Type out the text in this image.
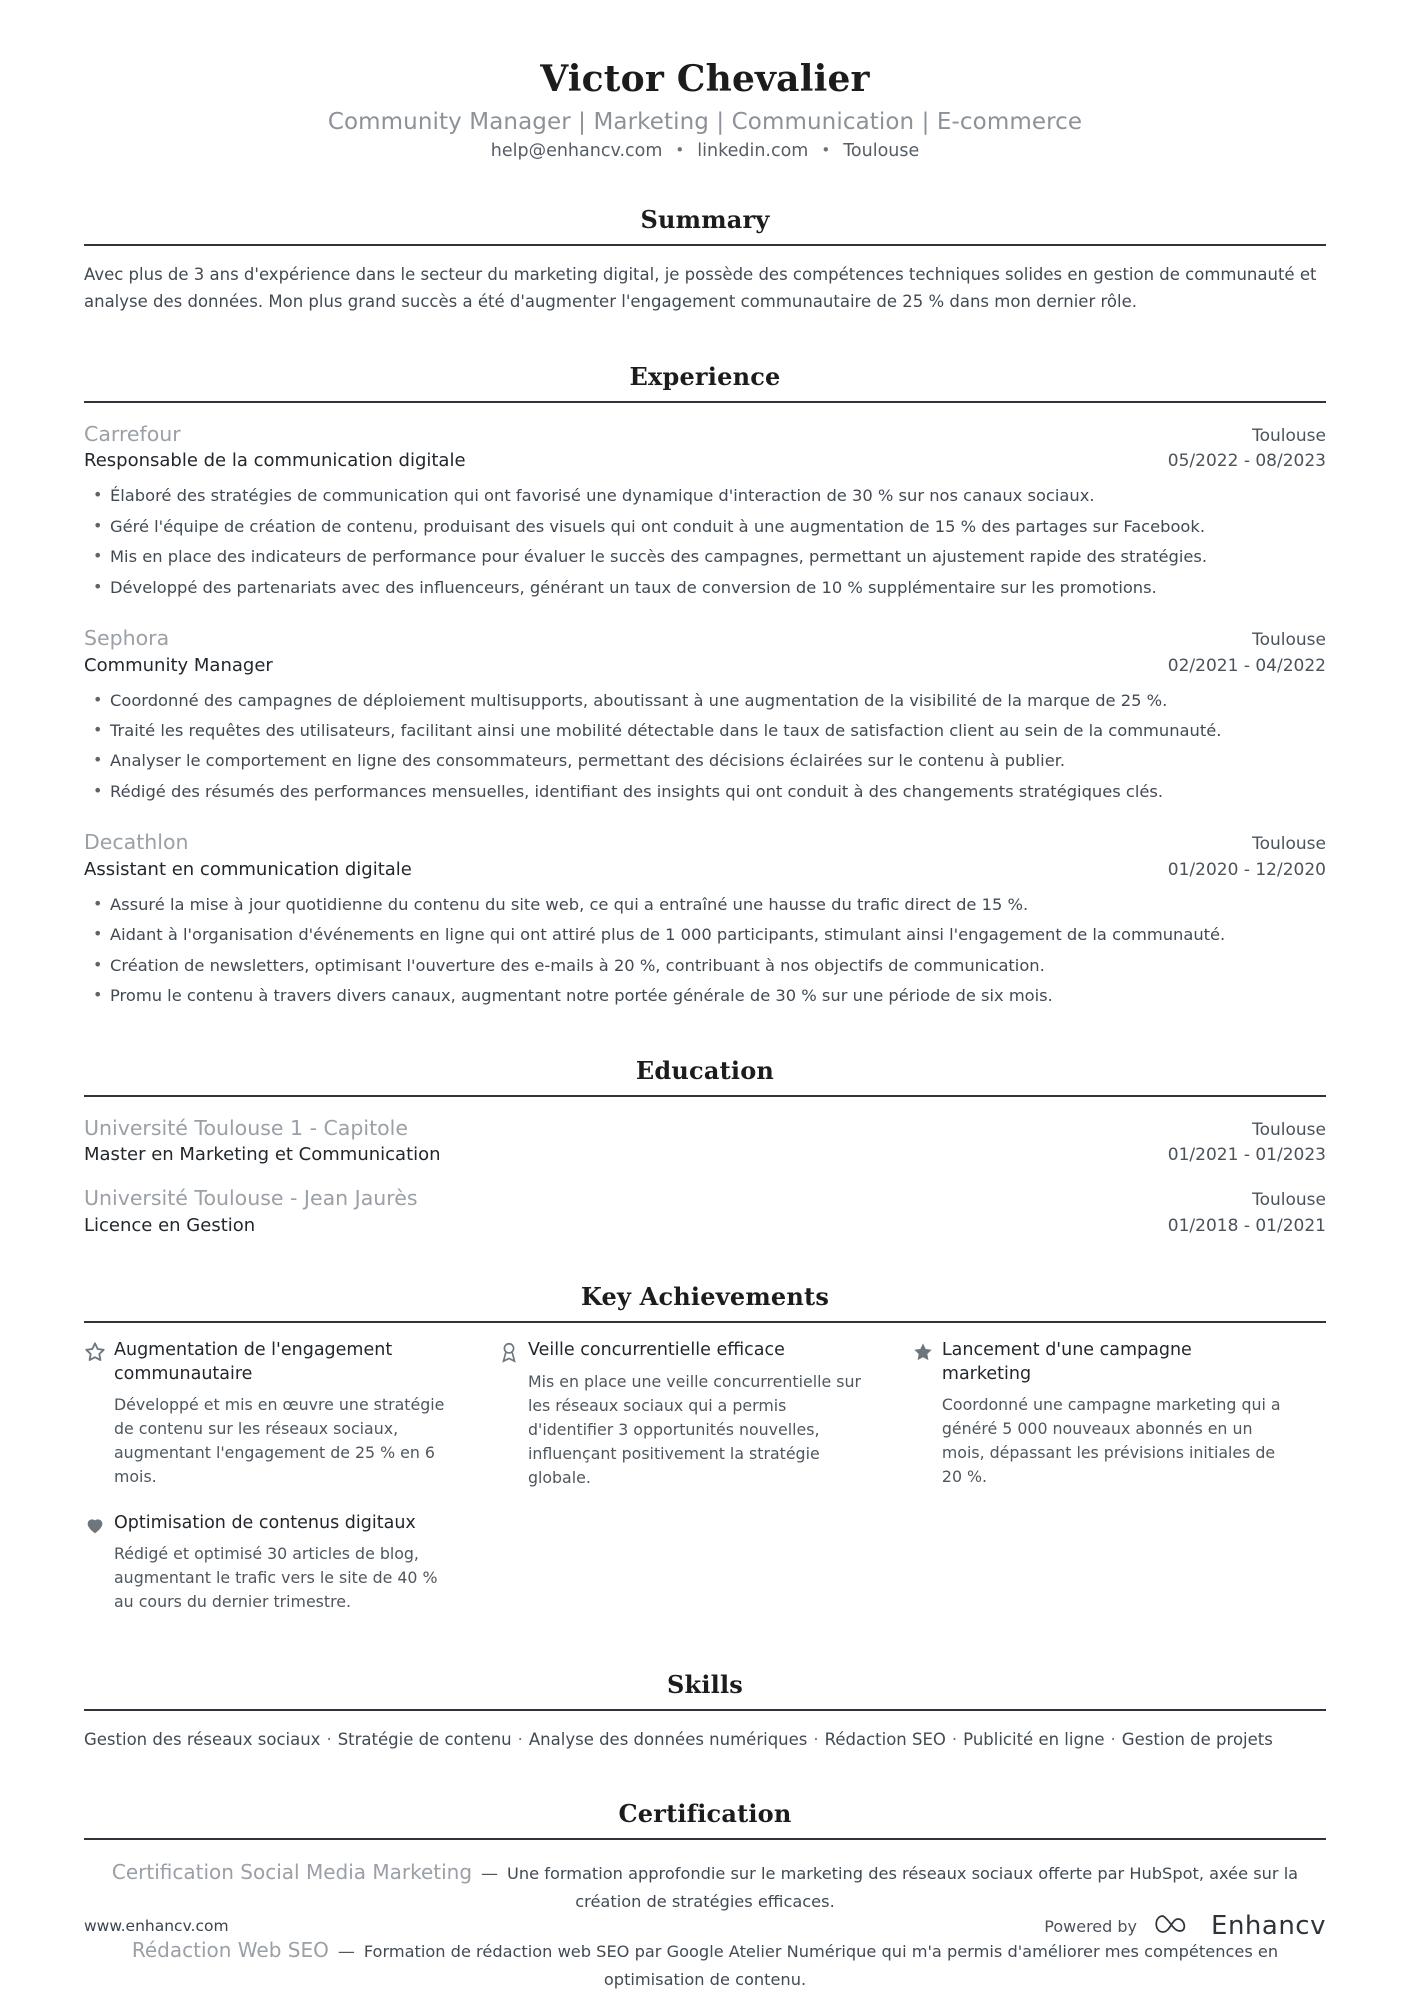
Victor Chevalier
Community Manager | Marketing | Communication | E-commerce
help@enhancv.com • linkedin.com • Toulouse
Summary

Avec plus de 3 ans d'expérience dans le secteur du marketing digital, je possède des compétences techniques solides en gestion de communauté et analyse des données. Mon plus grand succès a été d'augmenter l'engagement communautaire de 25 % dans mon dernier rôle.

Experience
Carrefour	Toulouse
Responsable de la communication digitale	05/2022 - 08/2023
• Élaboré des stratégies de communication qui ont favorisé une dynamique d'interaction de 30 % sur nos canaux sociaux.
• Géré l'équipe de création de contenu, produisant des visuels qui ont conduit à une augmentation de 15 % des partages sur Facebook.
• Mis en place des indicateurs de performance pour évaluer le succès des campagnes, permettant un ajustement rapide des stratégies.
• Développé des partenariats avec des influenceurs, générant un taux de conversion de 10 % supplémentaire sur les promotions.
Sephora	Toulouse
Community Manager	02/2021 - 04/2022
• Coordonné des campagnes de déploiement multisupports, aboutissant à une augmentation de la visibilité de la marque de 25 %.
• Traité les requêtes des utilisateurs, facilitant ainsi une mobilité détectable dans le taux de satisfaction client au sein de la communauté.
• Analyser le comportement en ligne des consommateurs, permettant des décisions éclairées sur le contenu à publier.
• Rédigé des résumés des performances mensuelles, identifiant des insights qui ont conduit à des changements stratégiques clés.
Decathlon	Toulouse
Assistant en communication digitale	01/2020 - 12/2020
• Assuré la mise à jour quotidienne du contenu du site web, ce qui a entraîné une hausse du trafic direct de 15 %.
• Aidant à l'organisation d'événements en ligne qui ont attiré plus de 1 000 participants, stimulant ainsi l'engagement de la communauté.
• Création de newsletters, optimisant l'ouverture des e-mails à 20 %, contribuant à nos objectifs de communication.
• Promu le contenu à travers divers canaux, augmentant notre portée générale de 30 % sur une période de six mois.
Education
Université Toulouse 1 - Capitole	Toulouse
Master en Marketing et Communication	01/2021 - 01/2023
Université Toulouse - Jean Jaurès	Toulouse
Licence en Gestion	01/2018 - 01/2021
Key Achievements
Augmentation de l'engagement communautaire
Développé et mis en œuvre une stratégie de contenu sur les réseaux sociaux, augmentant l'engagement de 25 % en 6 mois.
Veille concurrentielle efficace
Mis en place une veille concurrentielle sur les réseaux sociaux qui a permis d'identifier 3 opportunités nouvelles, influençant positivement la stratégie globale.
Lancement d'une campagne marketing
Coordonné une campagne marketing qui a généré 5 000 nouveaux abonnés en un mois, dépassant les prévisions initiales de 20 %.
Optimisation de contenus digitaux
Rédigé et optimisé 30 articles de blog, augmentant le trafic vers le site de 40 % au cours du dernier trimestre.
Skills
Gestion des réseaux sociaux · Stratégie de contenu · Analyse des données numériques · Rédaction SEO · Publicité en ligne · Gestion de projets
Certification
Certification Social Media Marketing — Une formation approfondie sur le marketing des réseaux sociaux offerte par HubSpot, axée sur la création de stratégies efficaces.
Rédaction Web SEO — Formation de rédaction web SEO par Google Atelier Numérique qui m'a permis d'améliorer mes compétences en optimisation de contenu.
www.enhancv.com	Powered by	Enhancv
